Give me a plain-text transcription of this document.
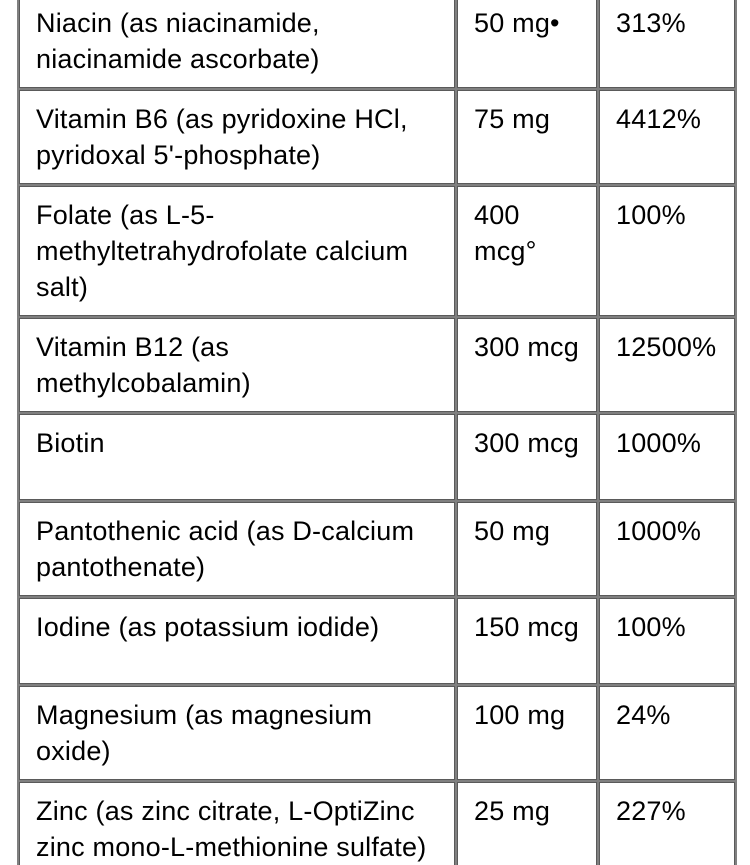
Niacin (as niacinamide, niacinamide ascorbate)	50 mg•	313%
Vitamin B6 (as pyridoxine HCl, pyridoxal 5'-phosphate)	75 mg	4412%
Folate (as L-5-methyltetrahydrofolate calcium salt)	400 mcg°	100%
Vitamin B12 (as methylcobalamin)	300 mcg	12500%
Biotin	300 mcg	1000%
Pantothenic acid (as D-calcium pantothenate)	50 mg	1000%
Iodine (as potassium iodide)	150 mcg	100%
Magnesium (as magnesium oxide)	100 mg	24%
Zinc (as zinc citrate, L-OptiZinc zinc mono-L-methionine sulfate)	25 mg	227%
